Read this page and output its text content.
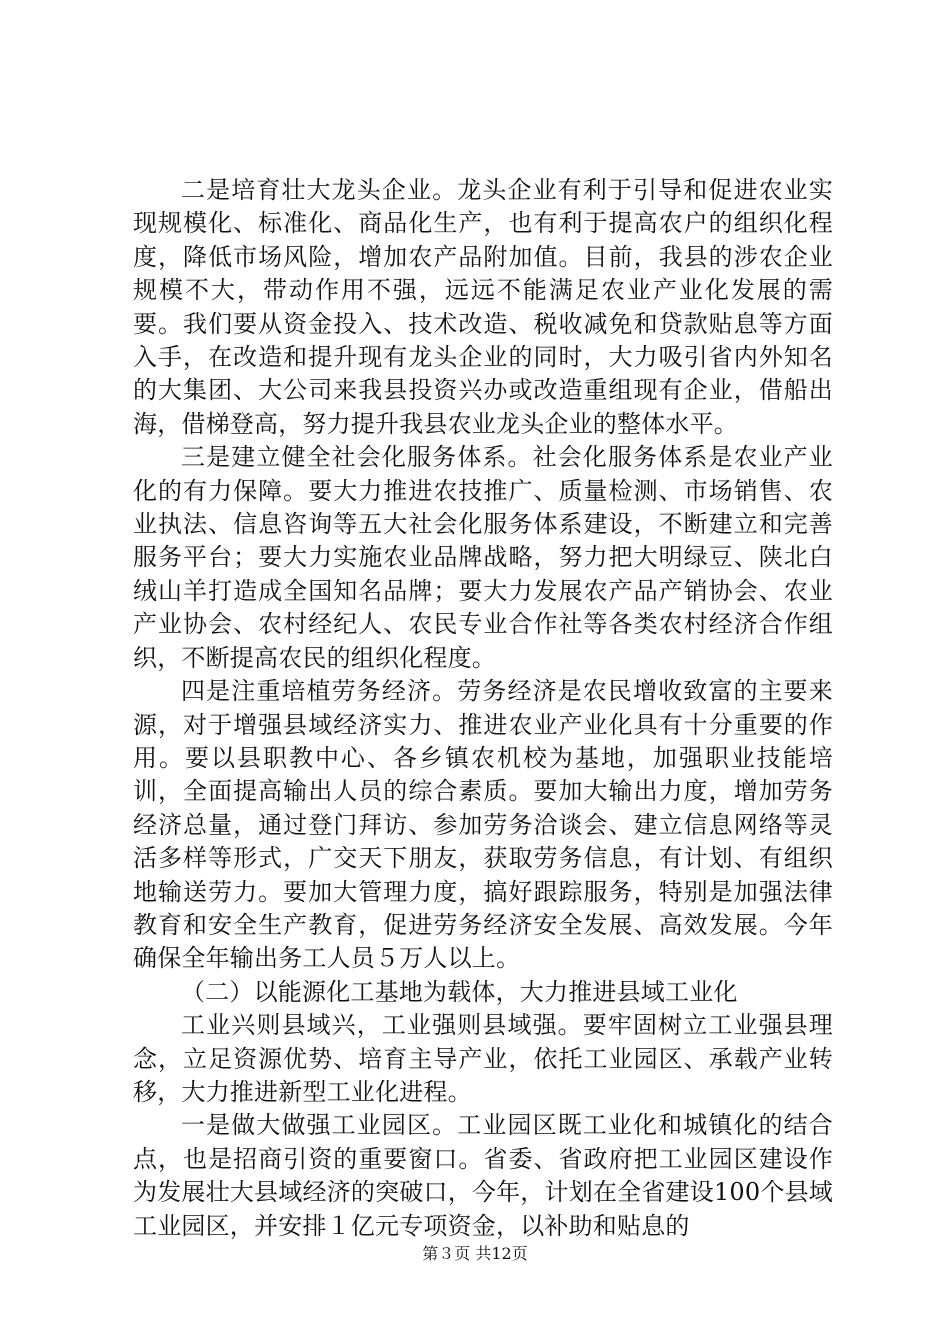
二是培育壮大龙头企业。龙头企业有利于引导和促进农业实现规模化、标准化、商品化生产，也有利于提高农户的组织化程度，降低市场风险，增加农产品附加值。目前，我县的涉农企业规模不大，带动作用不强，远远不能满足农业产业化发展的需要。我们要从资金投入、技术改造、税收减免和贷款贴息等方面入手，在改造和提升现有龙头企业的同时，大力吸引省内外知名的大集团、大公司来我县投资兴办或改造重组现有企业，借船出海，借梯登高，努力提升我县农业龙头企业的整体水平。

三是建立健全社会化服务体系。社会化服务体系是农业产业化的有力保障。要大力推进农技推广、质量检测、市场销售、农业执法、信息咨询等五大社会化服务体系建设，不断建立和完善服务平台；要大力实施农业品牌战略，努力把大明绿豆、陕北白绒山羊打造成全国知名品牌；要大力发展农产品产销协会、农业产业协会、农村经纪人、农民专业合作社等各类农村经济合作组织，不断提高农民的组织化程度。

四是注重培植劳务经济。劳务经济是农民增收致富的主要来源，对于增强县域经济实力、推进农业产业化具有十分重要的作用。要以县职教中心、各乡镇农机校为基地，加强职业技能培训，全面提高输出人员的综合素质。要加大输出力度，增加劳务经济总量，通过登门拜访、参加劳务洽谈会、建立信息网络等灵活多样等形式，广交天下朋友，获取劳务信息，有计划、有组织地输送劳力。要加大管理力度，搞好跟踪服务，特别是加强法律教育和安全生产教育，促进劳务经济安全发展、高效发展。今年确保全年输出务工人员５万人以上。

（二）以能源化工基地为载体，大力推进县域工业化

工业兴则县域兴，工业强则县域强。要牢固树立工业强县理念，立足资源优势、培育主导产业，依托工业园区、承载产业转移，大力推进新型工业化进程。

一是做大做强工业园区。工业园区既工业化和城镇化的结合点，也是招商引资的重要窗口。省委、省政府把工业园区建设作为发展壮大县域经济的突破口，今年，计划在全省建设100个县域工业园区，并安排１亿元专项资金，以补助和贴息的

第３页 共12页
